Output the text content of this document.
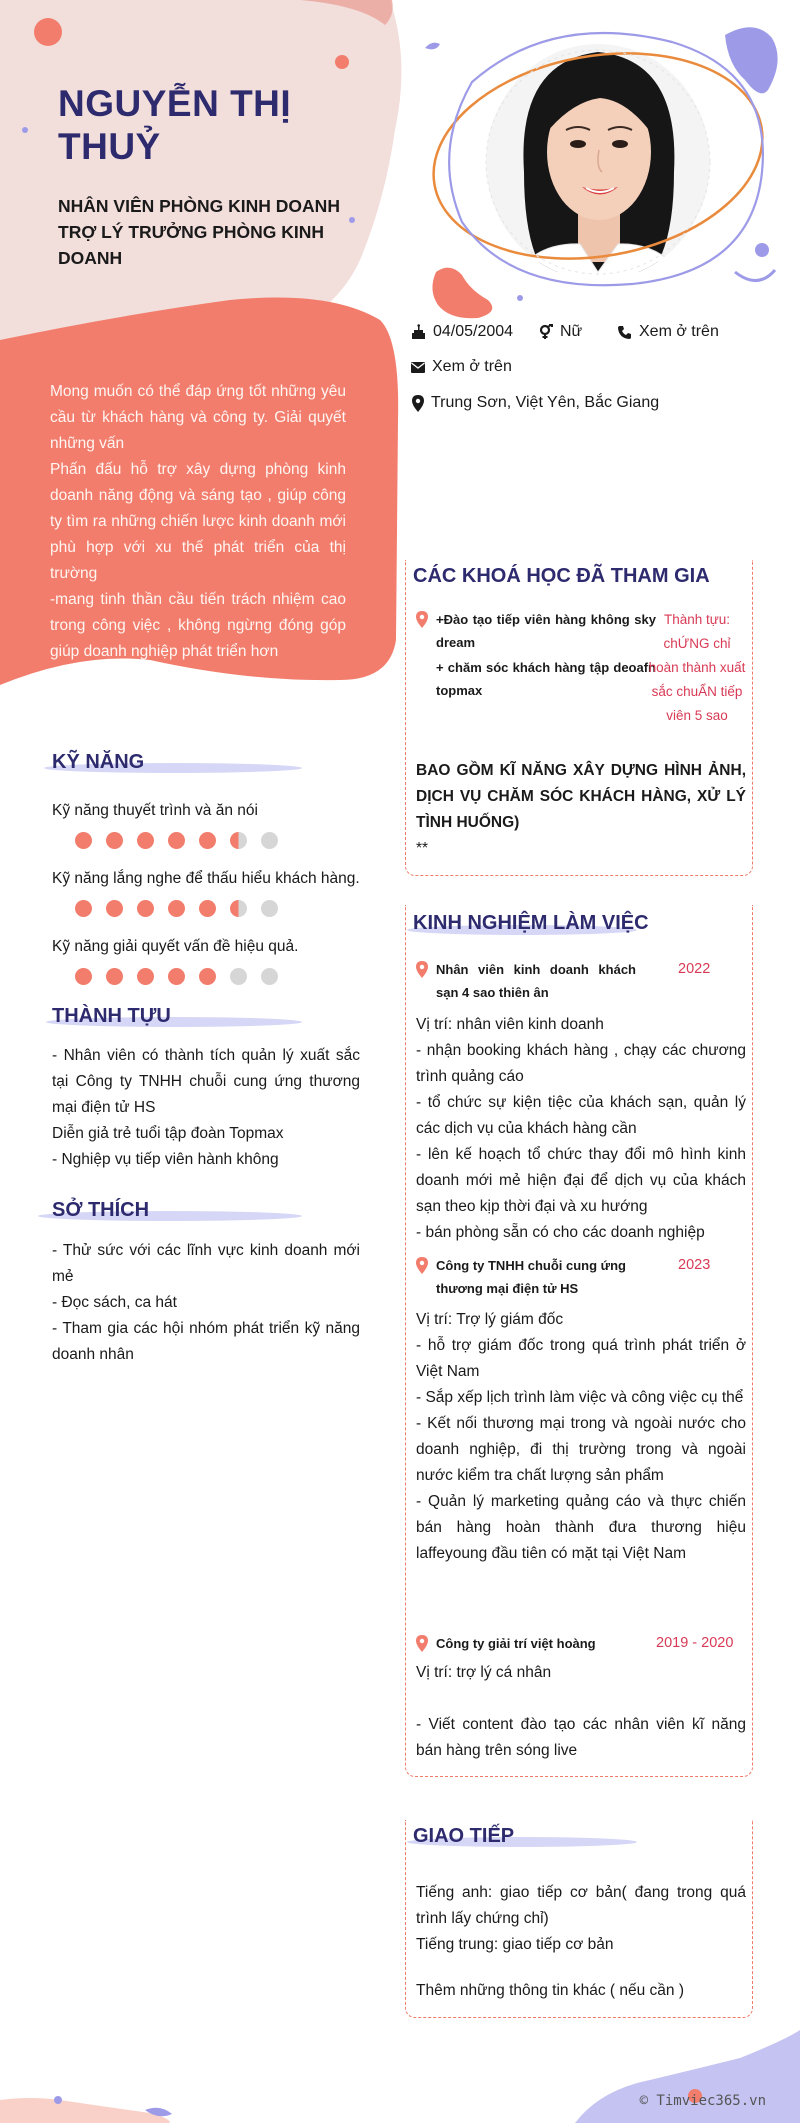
NGUYỄN THỊ THUỶ
NHÂN VIÊN PHÒNG KINH DOANH TRỢ LÝ TRƯỞNG PHÒNG KINH DOANH
04/05/2004	Nữ	Xem ở trên
Xem ở trên
Trung Sơn, Việt Yên, Bắc Giang

Mong muốn có thể đáp ứng tốt những yêu cầu từ khách hàng và công ty. Giải quyết những vấn

Phấn đấu hỗ trợ xây dựng phòng kinh doanh năng động và sáng tạo , giúp công ty tìm ra những chiến lược kinh doanh mới phù hợp với xu thế phát triển của thị trường

-mang tinh thần cầu tiến trách nhiệm cao trong công việc , không ngừng đóng góp giúp doanh nghiệp phát triển hơn

KỸ NĂNG
Kỹ năng thuyết trình và ăn nói
Kỹ năng lắng nghe để thấu hiểu khách hàng.
Kỹ năng giải quyết vấn đề hiệu quả.
THÀNH TỰU

- Nhân viên có thành tích quản lý xuất sắc tại Công ty TNHH chuỗi cung ứng thương mại điện tử HS

Diễn giả trẻ tuổi tập đoàn Topmax

- Nghiệp vụ tiếp viên hành không

SỞ THÍCH

- Thử sức với các lĩnh vực kinh doanh mới mẻ

- Đọc sách, ca hát

- Tham gia các hội nhóm phát triển kỹ năng doanh nhân

CÁC KHOÁ HỌC ĐÃ THAM GIA
+Đào tạo tiếp viên hàng không sky dream
+ chăm sóc khách hàng tập deoafn topmax
Thành tựu: chỨNG chỉ hoàn thành xuất sắc chuẨN tiếp viên 5 sao
BAO GỒM KĨ NĂNG XÂY DỰNG HÌNH ẢNH, DỊCH VỤ CHĂM SÓC KHÁCH HÀNG, XỬ LÝ TÌNH HUỐNG)
**
KINH NGHIỆM LÀM VIỆC
Nhân viên kinh doanh khách sạn 4 sao thiên ân
2022

Vị trí: nhân viên kinh doanh

- nhận booking khách hàng , chạy các chương trình quảng cáo

- tổ chức sự kiện tiệc của khách sạn, quản lý các dịch vụ của khách hàng cần

- lên kế hoạch tổ chức thay đổi mô hình kinh doanh mới mẻ hiện đại để dịch vụ của khách sạn theo kịp thời đại và xu hướng

- bán phòng sẵn có cho các doanh nghiệp

Công ty TNHH chuỗi cung ứng thương mại điện tử HS
2023

Vị trí: Trợ lý giám đốc

- hỗ trợ giám đốc trong quá trình phát triển ở Việt Nam

- Sắp xếp lịch trình làm việc và công việc cụ thể

- Kết nối thương mại trong và ngoài nước cho doanh nghiệp, đi thị trường trong và ngoài nước kiểm tra chất lượng sản phẩm

- Quản lý marketing quảng cáo và thực chiến bán hàng hoàn thành đưa thương hiệu laffeyoung đầu tiên có mặt tại Việt Nam

Công ty giải trí việt hoàng	2019 - 2020

Vị trí: trợ lý cá nhân

- Viết content đào tạo các nhân viên kĩ năng bán hàng trên sóng live

GIAO TIẾP

Tiếng anh: giao tiếp cơ bản( đang trong quá trình lấy chứng chỉ)

Tiếng trung: giao tiếp cơ bản

Thêm những thông tin khác ( nếu cần )

© Timviec365.vn
